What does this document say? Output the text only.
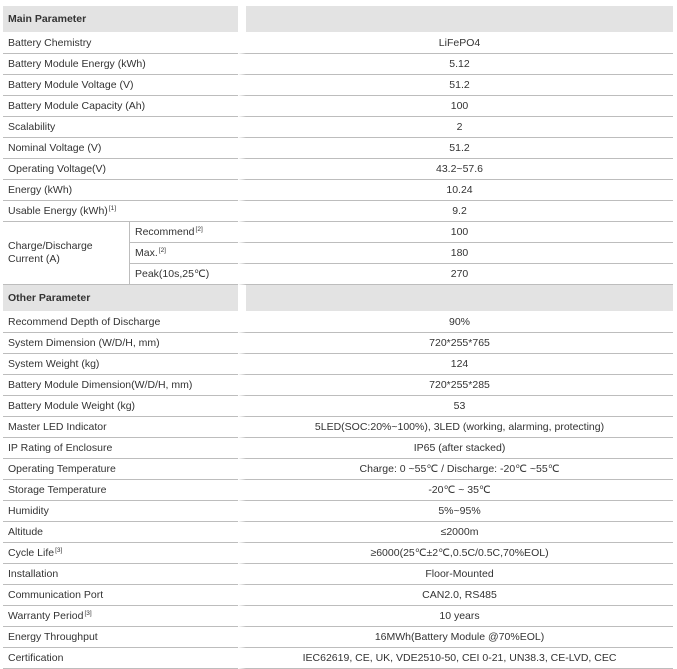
Main Parameter		
Battery Chemistry		LiFePO4
Battery Module Energy (kWh)		5.12
Battery Module Voltage (V)		51.2
Battery Module Capacity (Ah)		100
Scalability		2
Nominal Voltage (V)		51.2
Operating Voltage(V)		43.2~57.6
Energy (kWh)		10.24
Usable Energy (kWh)[1]		9.2
Charge/Discharge Current (A)	Recommend[2]	100
	Max.[2]	180
	Peak(10s,25℃)	270
Other Parameter		
Recommend Depth of Discharge		90%
System Dimension (W/D/H, mm)		720*255*765
System Weight (kg)		124
Battery Module Dimension(W/D/H, mm)		720*255*285
Battery Module Weight (kg)		53
Master LED Indicator		5LED(SOC:20%~100%), 3LED (working, alarming, protecting)
IP Rating of Enclosure		IP65 (after stacked)
Operating Temperature		Charge: 0 ~55℃ / Discharge: -20℃ ~55℃
Storage Temperature		-20℃ ~ 35℃
Humidity		5%~95%
Altitude		≤2000m
Cycle Life[3]		≥6000(25℃±2℃,0.5C/0.5C,70%EOL)
Installation		Floor-Mounted
Communication Port		CAN2.0, RS485
Warranty Period[3]		10 years
Energy Throughput		16MWh(Battery Module @70%EOL)
Certification		IEC62619, CE, UK, VDE2510-50, CEI 0-21, UN38.3, CE-LVD, CEC
